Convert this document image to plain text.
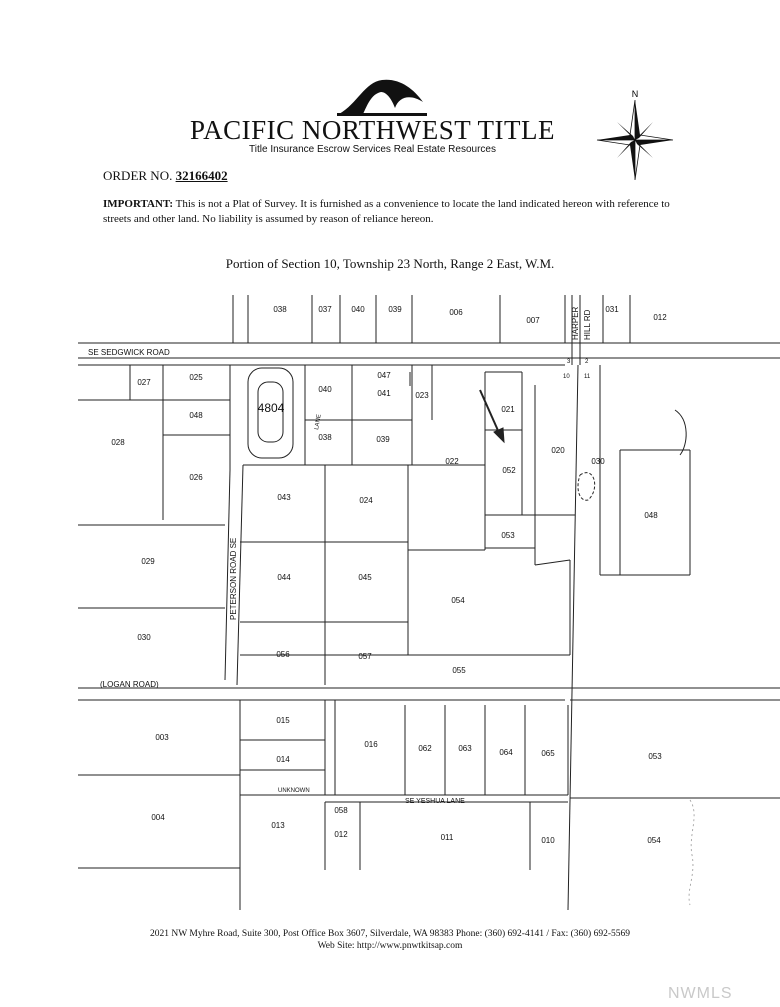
PACIFIC NORTHWEST TITLE
Title Insurance Escrow Services Real Estate Resources
N
ORDER NO. 32166402
IMPORTANT: This is not a Plat of Survey. It is furnished as a convenience to locate the land indicated hereon with reference to streets and other land. No liability is assumed by reason of reliance hereon.
Portion of Section 10, Township 23 North, Range 2 East, W.M.
SE SEDGWICK ROAD
(LOGAN ROAD)
SE YESHUA LANE
UNKNOWN
PETERSON ROAD SE
HARPER HILL RD
LANE
3 2
10 11
038	037 040	039	006
007
031
012
027
025
048
028
026
4804
040	041
047
023
038	039
021
022
052
020
030
048
043	024
053
029
044	045
054
030
056	057
055
003
015
016	062	063	064	065	053
014
004
013
058
012	011	010	054
2021 NW Myhre Road, Suite 300, Post Office Box 3607, Silverdale, WA 98383 Phone: (360) 692-4141 / Fax: (360) 692-5569
Web Site: http://www.pnwtkitsap.com
NWMLS
